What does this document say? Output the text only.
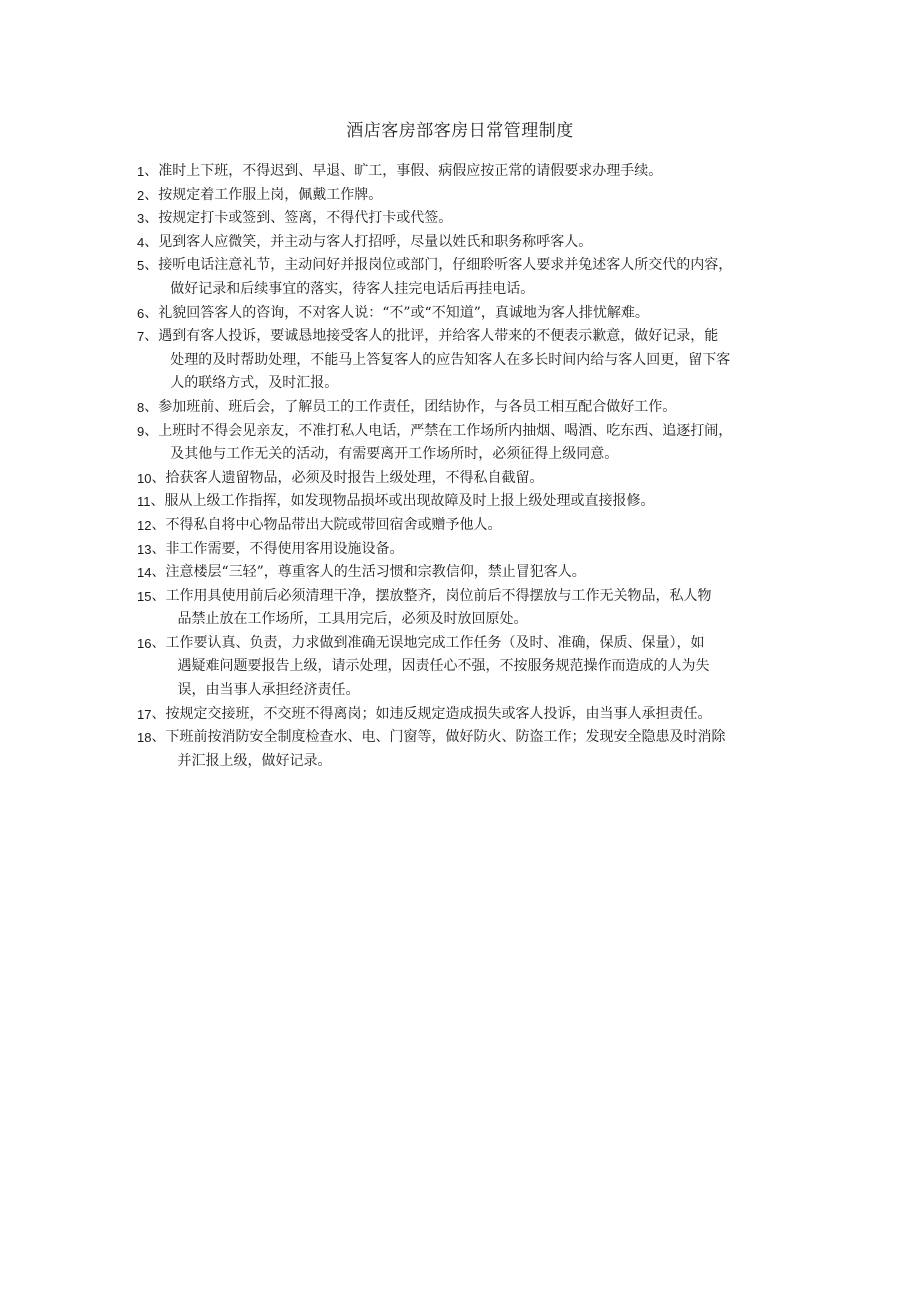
酒店客房部客房日常管理制度
1 、 准时上下班，不得迟到、早退、旷工，事假、病假应按正常的请假要求办理手续。
2 、 按规定着工作服上岗，佩戴工作牌。
3 、 按规定打卡或签到、签离，不得代打卡或代签。
4 、 见到客人应微笑，并主动与客人打招呼，尽量以姓氏和职务称呼客人。
5 、 接听电话注意礼节，主动问好并报岗位或部门，仔细聆听客人要求并兔述客人所交代的内容，
做好记录和后续事宜的落实，待客人挂完电话后再挂电话。
6 、 礼貌回答客人的咨询，不对客人说：“不”或“不知道”，真诚地为客人排忧解难。
7 、 遇到有客人投诉，要诚恳地接受客人的批评，并给客人带来的不便表示歉意，做好记录，能
处理的及时帮助处理，不能马上答复客人的应告知客人在多长时间内给与客人回更，留下客
人的联络方式，及时汇报。
8 、 参加班前、班后会，了解员工的工作责任，团结协作，与各员工相互配合做好工作。
9 、 上班时不得会见亲友，不准打私人电话，严禁在工作场所内抽烟、喝酒、吃东西、追逐打闹，
及其他与工作无关的活动，有需要离开工作场所时，必须征得上级同意。
10 、 拾获客人遗留物品，必须及时报告上级处理，不得私自截留。
11 、 服从上级工作指挥，如发现物品损坏或出现故障及时上报上级处理或直接报修。
12 、 不得私自将中心物品带出大院或带回宿舍或赠予他人。
13 、 非工作需要，不得使用客用设施设备。
14 、 注意楼层“三轻”，尊重客人的生活习惯和宗教信仰，禁止冒犯客人。
15 、 工作用具使用前后必须清理干净，摆放整齐，岗位前后不得摆放与工作无关物品，私人物
品禁止放在工作场所，工具用完后，必须及时放回原处。
16 、 工作要认真、负责，力求做到准确无误地完成工作任务（及时、准确，保质、保量），如
遇疑难问题要报告上级，请示处理，因责任心不强，不按服务规范操作而造成的人为失
误，由当事人承担经济责任。
17 、 按规定交接班，不交班不得离岗；如违反规定造成损失或客人投诉，由当事人承担责任。
18 、 下班前按消防安全制度检查水、电、门窗等，做好防火、防盗工作；发现安全隐患及时消除
并汇报上级，做好记录。
